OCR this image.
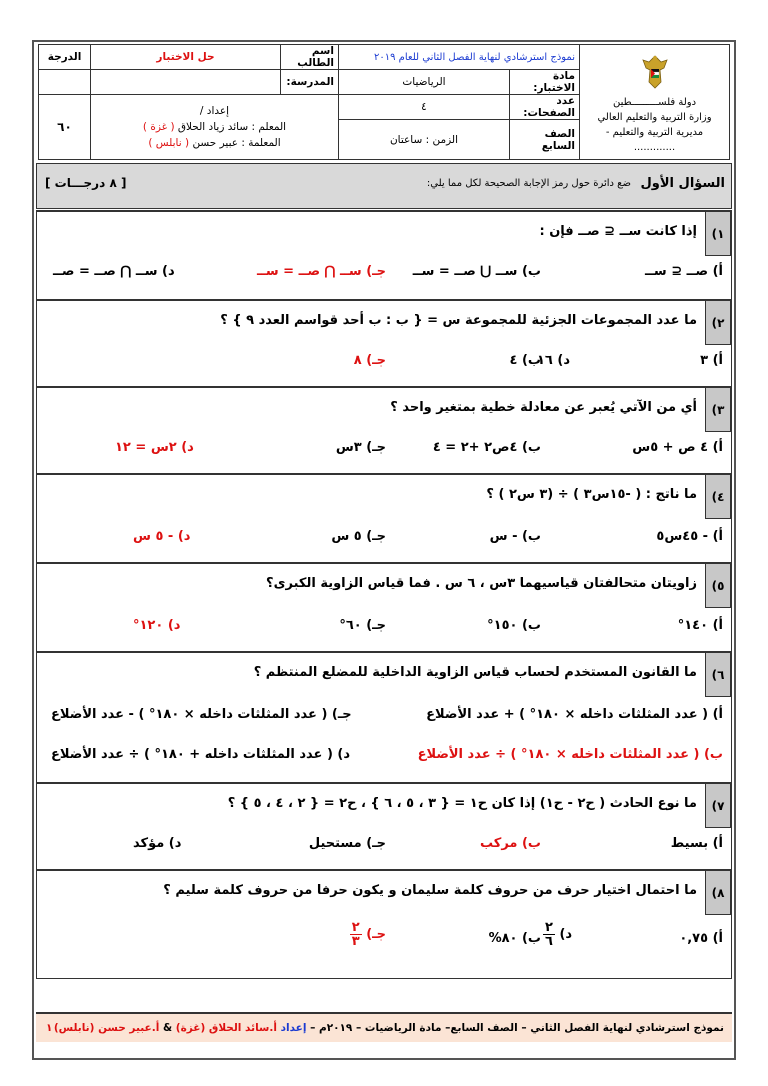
دولة فلســـــــــطين
وزارة التربية والتعليم العالي
مديرية التربية والتعليم - .............	نموذج استرشادي لنهاية الفصل الثاني للعام ٢٠١٩		اسم الطالب	حل الاختبار	الدرجة
	مادة الاختبار:	الرياضيات	المدرسة:		
	عدد الصفحات:	٤	إعداد /
المعلم : سائد زياد الحلاق ( غزة )
المعلمة : عبير حسن ( نابلس )		٦٠
	الصف السابع	الزمن : ساعتان			
السؤال الأول
ضع دائرة حول رمز الإجابة الصحيحة لكل مما يلي:
[ ٨ درجـــات ]
١)
إذا كانت ســ ⊆ صــ فإن :
أ) صــ ⊆ ســ
ب) ســ ⋃ صــ = ســ
جـ) ســ ⋂ صــ = ســ
د) ســ ⋂ صــ = صــ
٢)
ما عدد المجموعات الجزئية للمجموعة س = { ب : ب أحد قواسم العدد ٩ } ؟
أ) ٣
ب) ٤
جـ) ٨	د) ١٦
٣)
أي من الآتي يُعبر عن معادلة خطية بمتغير واحد ؟
أ) ٤ ص + ٥س
ب) ٤ص٢ +٢ = ٤
جـ) ٣س
د) ٢س = ١٢
٤)
ما ناتج : ( -١٥س٣ ) ÷ (٣ س٢ ) ؟
أ) - ٤٥س٥
ب) - س
جـ) ٥ س
د) - ٥ س
٥)
زاويتان متحالفتان قياسيهما ٣س ، ٦ س . فما قياس الزاوية الكبرى؟
أ) ١٤٠°
ب) ١٥٠°
جـ) ٦٠°
د) ١٢٠°
٦)
ما القانون المستخدم لحساب قياس الزاوية الداخلية للمضلع المنتظم ؟
أ) ( عدد المثلثات داخله × ١٨٠° ) + عدد الأضلاع
جـ) ( عدد المثلثات داخله × ١٨٠° ) - عدد الأضلاع
ب) ( عدد المثلثات داخله × ١٨٠° ) ÷ عدد الأضلاع
د) ( عدد المثلثات داخله + ١٨٠° ) ÷ عدد الأضلاع
٧)
ما نوع الحادث ( ح٢ - ح١) إذا كان ح١ = { ٣ ، ٥ ، ٦ } ، ح٢ = { ٢ ، ٤ ، ٥ } ؟
أ) بسيط
ب) مركب
جـ) مستحيل
د) مؤكد
٨)
ما احتمال اختيار حرف من حروف كلمة سليمان و يكون حرفا من حروف كلمة سليم ؟
أ) ٠,٧٥
ب) ٨٠%
جـ)
$\frac{٢}{٣}$	د)
$\frac{٢}{٦}$
نموذج استرشادي لنهاية الفصل الثاني – الصف السابع– مادة الرياضيات – ٢٠١٩م – إعداد أ.سائد الحلاق (غزة) & أ.عبير حسن (نابلس)
١
